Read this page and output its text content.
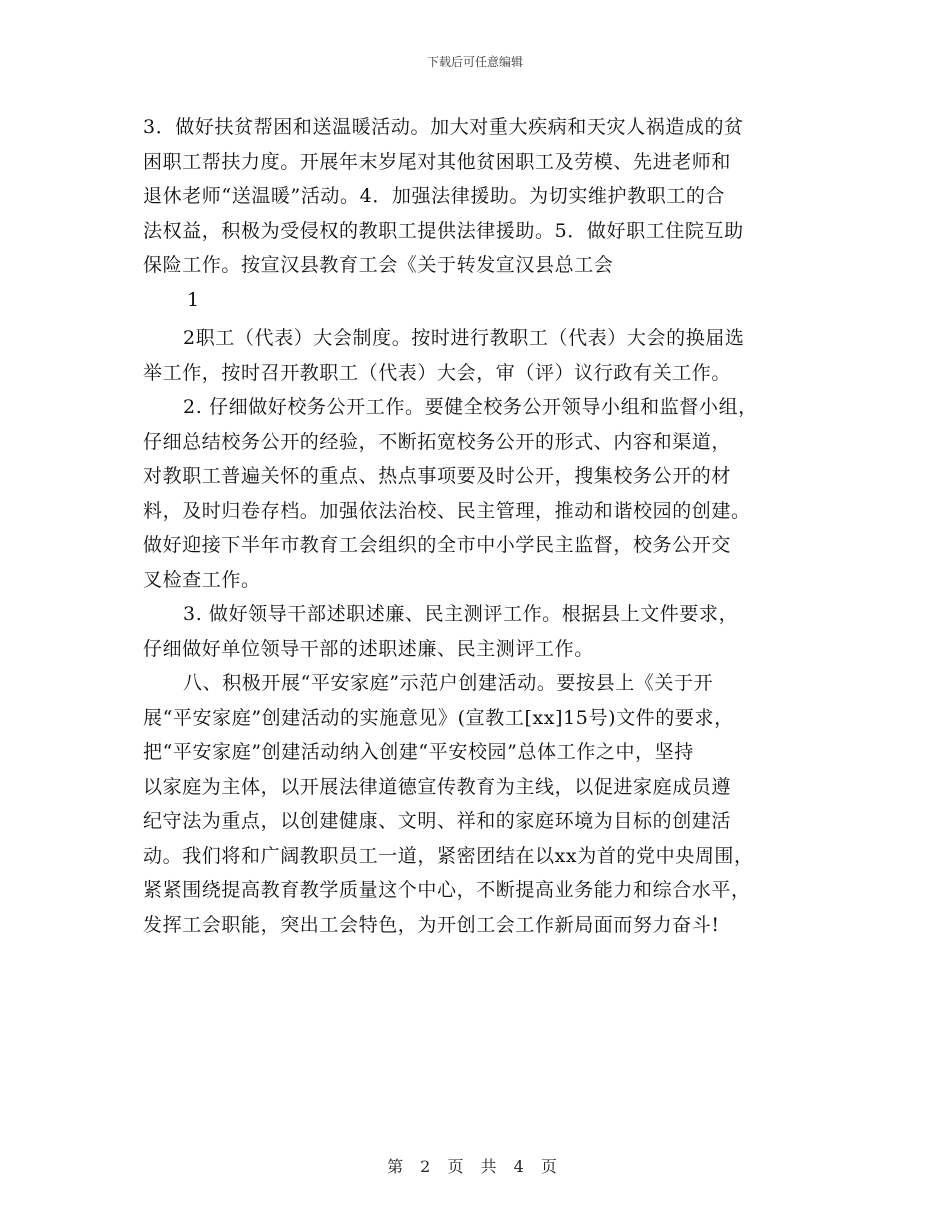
下载后可任意编辑
3．做好扶贫帮困和送温暖活动。加大对重大疾病和天灾人祸造成的贫
困职工帮扶力度。开展年末岁尾对其他贫困职工及劳模、先进老师和
退休老师“送温暖”活动。4．加强法律援助。为切实维护教职工的合
法权益，积极为受侵权的教职工提供法律援助。5．做好职工住院互助
保险工作。按宣汉县教育工会《关于转发宣汉县总工会
1
2职工（代表）大会制度。按时进行教职工（代表）大会的换届选
举工作，按时召开教职工（代表）大会，审（评）议行政有关工作。
2. 仔细做好校务公开工作。要健全校务公开领导小组和监督小组，
仔细总结校务公开的经验，不断拓宽校务公开的形式、内容和渠道，
对教职工普遍关怀的重点、热点事项要及时公开，搜集校务公开的材
料，及时归卷存档。加强依法治校、民主管理，推动和谐校园的创建。
做好迎接下半年市教育工会组织的全市中小学民主监督，校务公开交
叉检查工作。
3. 做好领导干部述职述廉、民主测评工作。根据县上文件要求，
仔细做好单位领导干部的述职述廉、民主测评工作。
八、积极开展“平安家庭”示范户创建活动。要按县上《关于开
展“平安家庭”创建活动的实施意见》(宣教工[xx]15号)文件的要求，
把“平安家庭”创建活动纳入创建“平安校园”总体工作之中，坚持
以家庭为主体，以开展法律道德宣传教育为主线，以促进家庭成员遵
纪守法为重点，以创建健康、文明、祥和的家庭环境为目标的创建活
动。我们将和广阔教职员工一道，紧密团结在以xx为首的党中央周围，
紧紧围绕提高教育教学质量这个中心，不断提高业务能力和综合水平，
发挥工会职能，突出工会特色，为开创工会工作新局面而努力奋斗!
第 2 页 共 4 页
